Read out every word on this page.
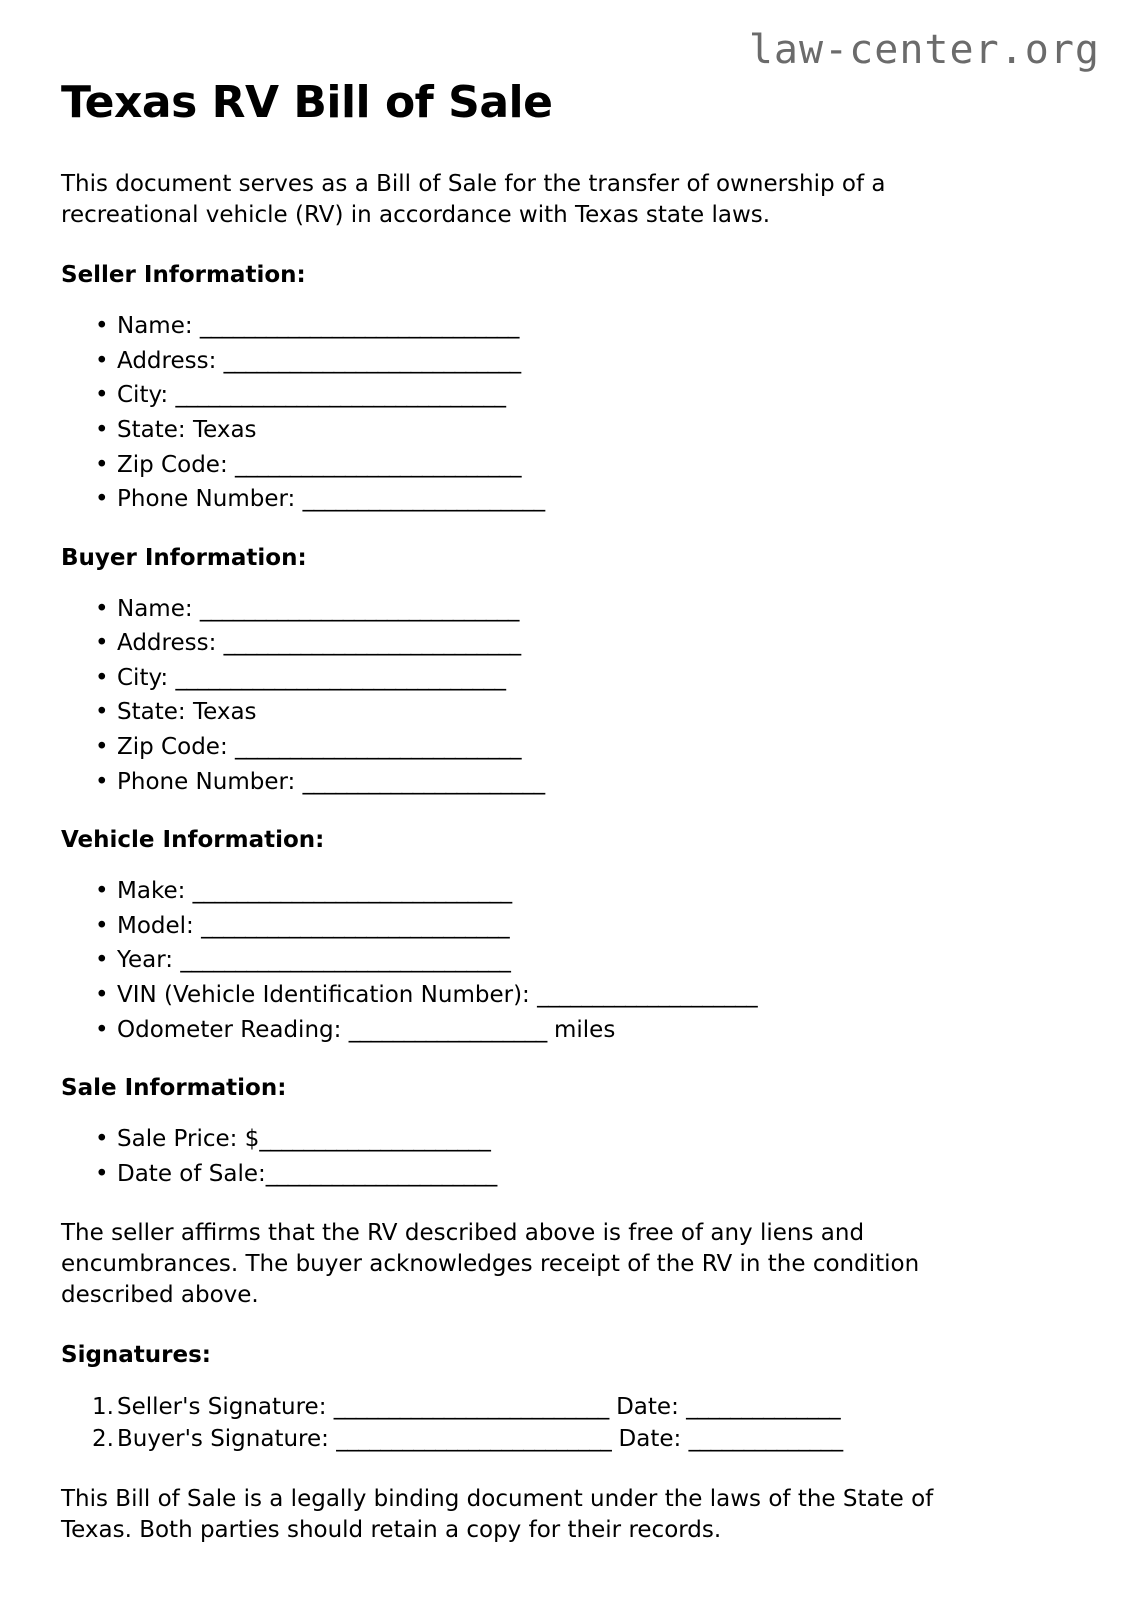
law-center.org
Texas RV Bill of Sale

This document serves as a Bill of Sale for the transfer of ownership of a recreational vehicle (RV) in accordance with Texas state laws.

Seller Information:
• Name: _____________________________
• Address: ___________________________
• City: ______________________________
• State: Texas
• Zip Code: __________________________
• Phone Number: ______________________
Buyer Information:
• Name: _____________________________
• Address: ___________________________
• City: ______________________________
• State: Texas
• Zip Code: __________________________
• Phone Number: ______________________
Vehicle Information:
• Make: _____________________________
• Model: ____________________________
• Year: ______________________________
• VIN (Vehicle Identification Number): ____________________
• Odometer Reading: __________________ miles
Sale Information:
• Sale Price: $_____________________
• Date of Sale:_____________________

The seller affirms that the RV described above is free of any liens and encumbrances. The buyer acknowledges receipt of the RV in the condition described above.

Signatures:
Seller's Signature: _________________________ Date: ______________
Buyer's Signature: _________________________ Date: ______________

This Bill of Sale is a legally binding document under the laws of the State of Texas. Both parties should retain a copy for their records.
